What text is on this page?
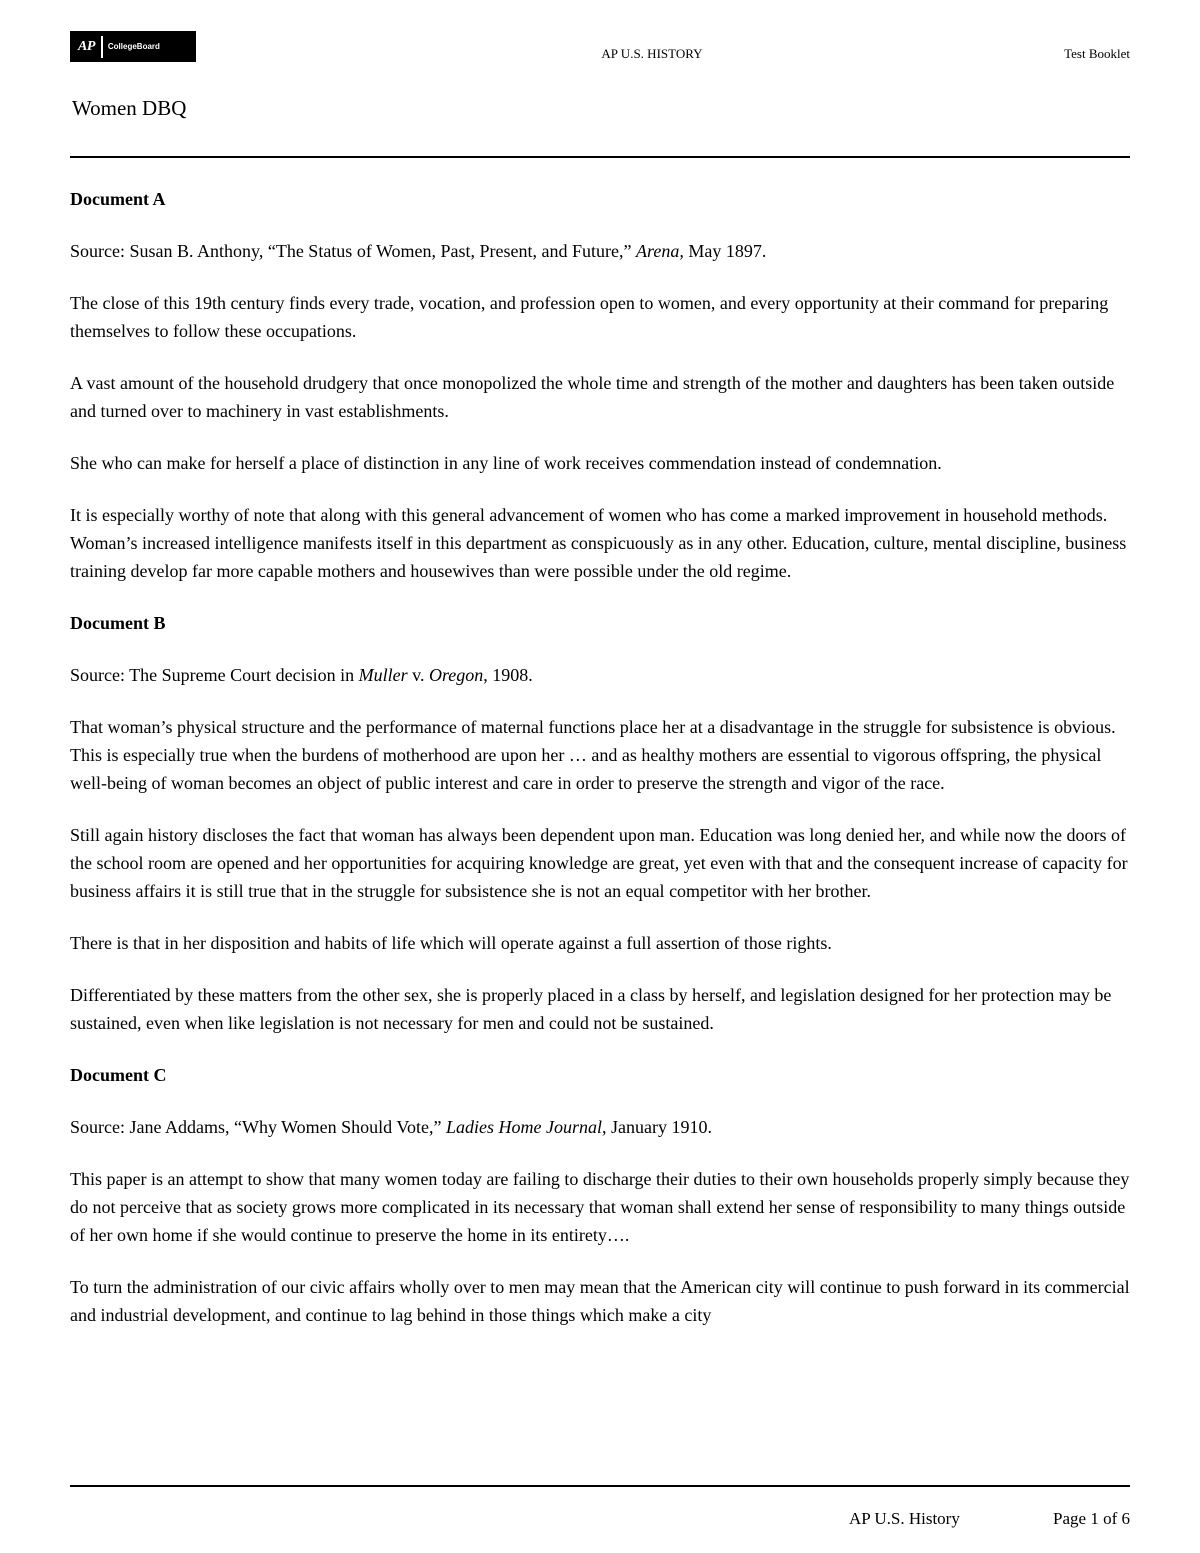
AP CollegeBoard	AP U.S. HISTORY	Test Booklet
Women DBQ

Document A

Source: Susan B. Anthony, “The Status of Women, Past, Present, and Future,” Arena, May 1897.

The close of this 19th century finds every trade, vocation, and profession open to women, and every opportunity at their command for preparing themselves to follow these occupations.

A vast amount of the household drudgery that once monopolized the whole time and strength of the mother and daughters has been taken outside and turned over to machinery in vast establishments.

She who can make for herself a place of distinction in any line of work receives commendation instead of condemnation.

It is especially worthy of note that along with this general advancement of women who has come a marked improvement in household methods. Woman’s increased intelligence manifests itself in this department as conspicuously as in any other. Education, culture, mental discipline, business training develop far more capable mothers and housewives than were possible under the old regime.

Document B

Source: The Supreme Court decision in Muller v. Oregon, 1908.

That woman’s physical structure and the performance of maternal functions place her at a disadvantage in the struggle for subsistence is obvious. This is especially true when the burdens of motherhood are upon her … and as healthy mothers are essential to vigorous offspring, the physical well-being of woman becomes an object of public interest and care in order to preserve the strength and vigor of the race.

Still again history discloses the fact that woman has always been dependent upon man. Education was long denied her, and while now the doors of the school room are opened and her opportunities for acquiring knowledge are great, yet even with that and the consequent increase of capacity for business affairs it is still true that in the struggle for subsistence she is not an equal competitor with her brother.

There is that in her disposition and habits of life which will operate against a full assertion of those rights.

Differentiated by these matters from the other sex, she is properly placed in a class by herself, and legislation designed for her protection may be sustained, even when like legislation is not necessary for men and could not be sustained.

Document C

Source: Jane Addams, “Why Women Should Vote,” Ladies Home Journal, January 1910.

This paper is an attempt to show that many women today are failing to discharge their duties to their own households properly simply because they do not perceive that as society grows more complicated in its necessary that woman shall extend her sense of responsibility to many things outside of her own home if she would continue to preserve the home in its entirety….

To turn the administration of our civic affairs wholly over to men may mean that the American city will continue to push forward in its commercial and industrial development, and continue to lag behind in those things which make a city

AP U.S. History	Page 1 of 6
